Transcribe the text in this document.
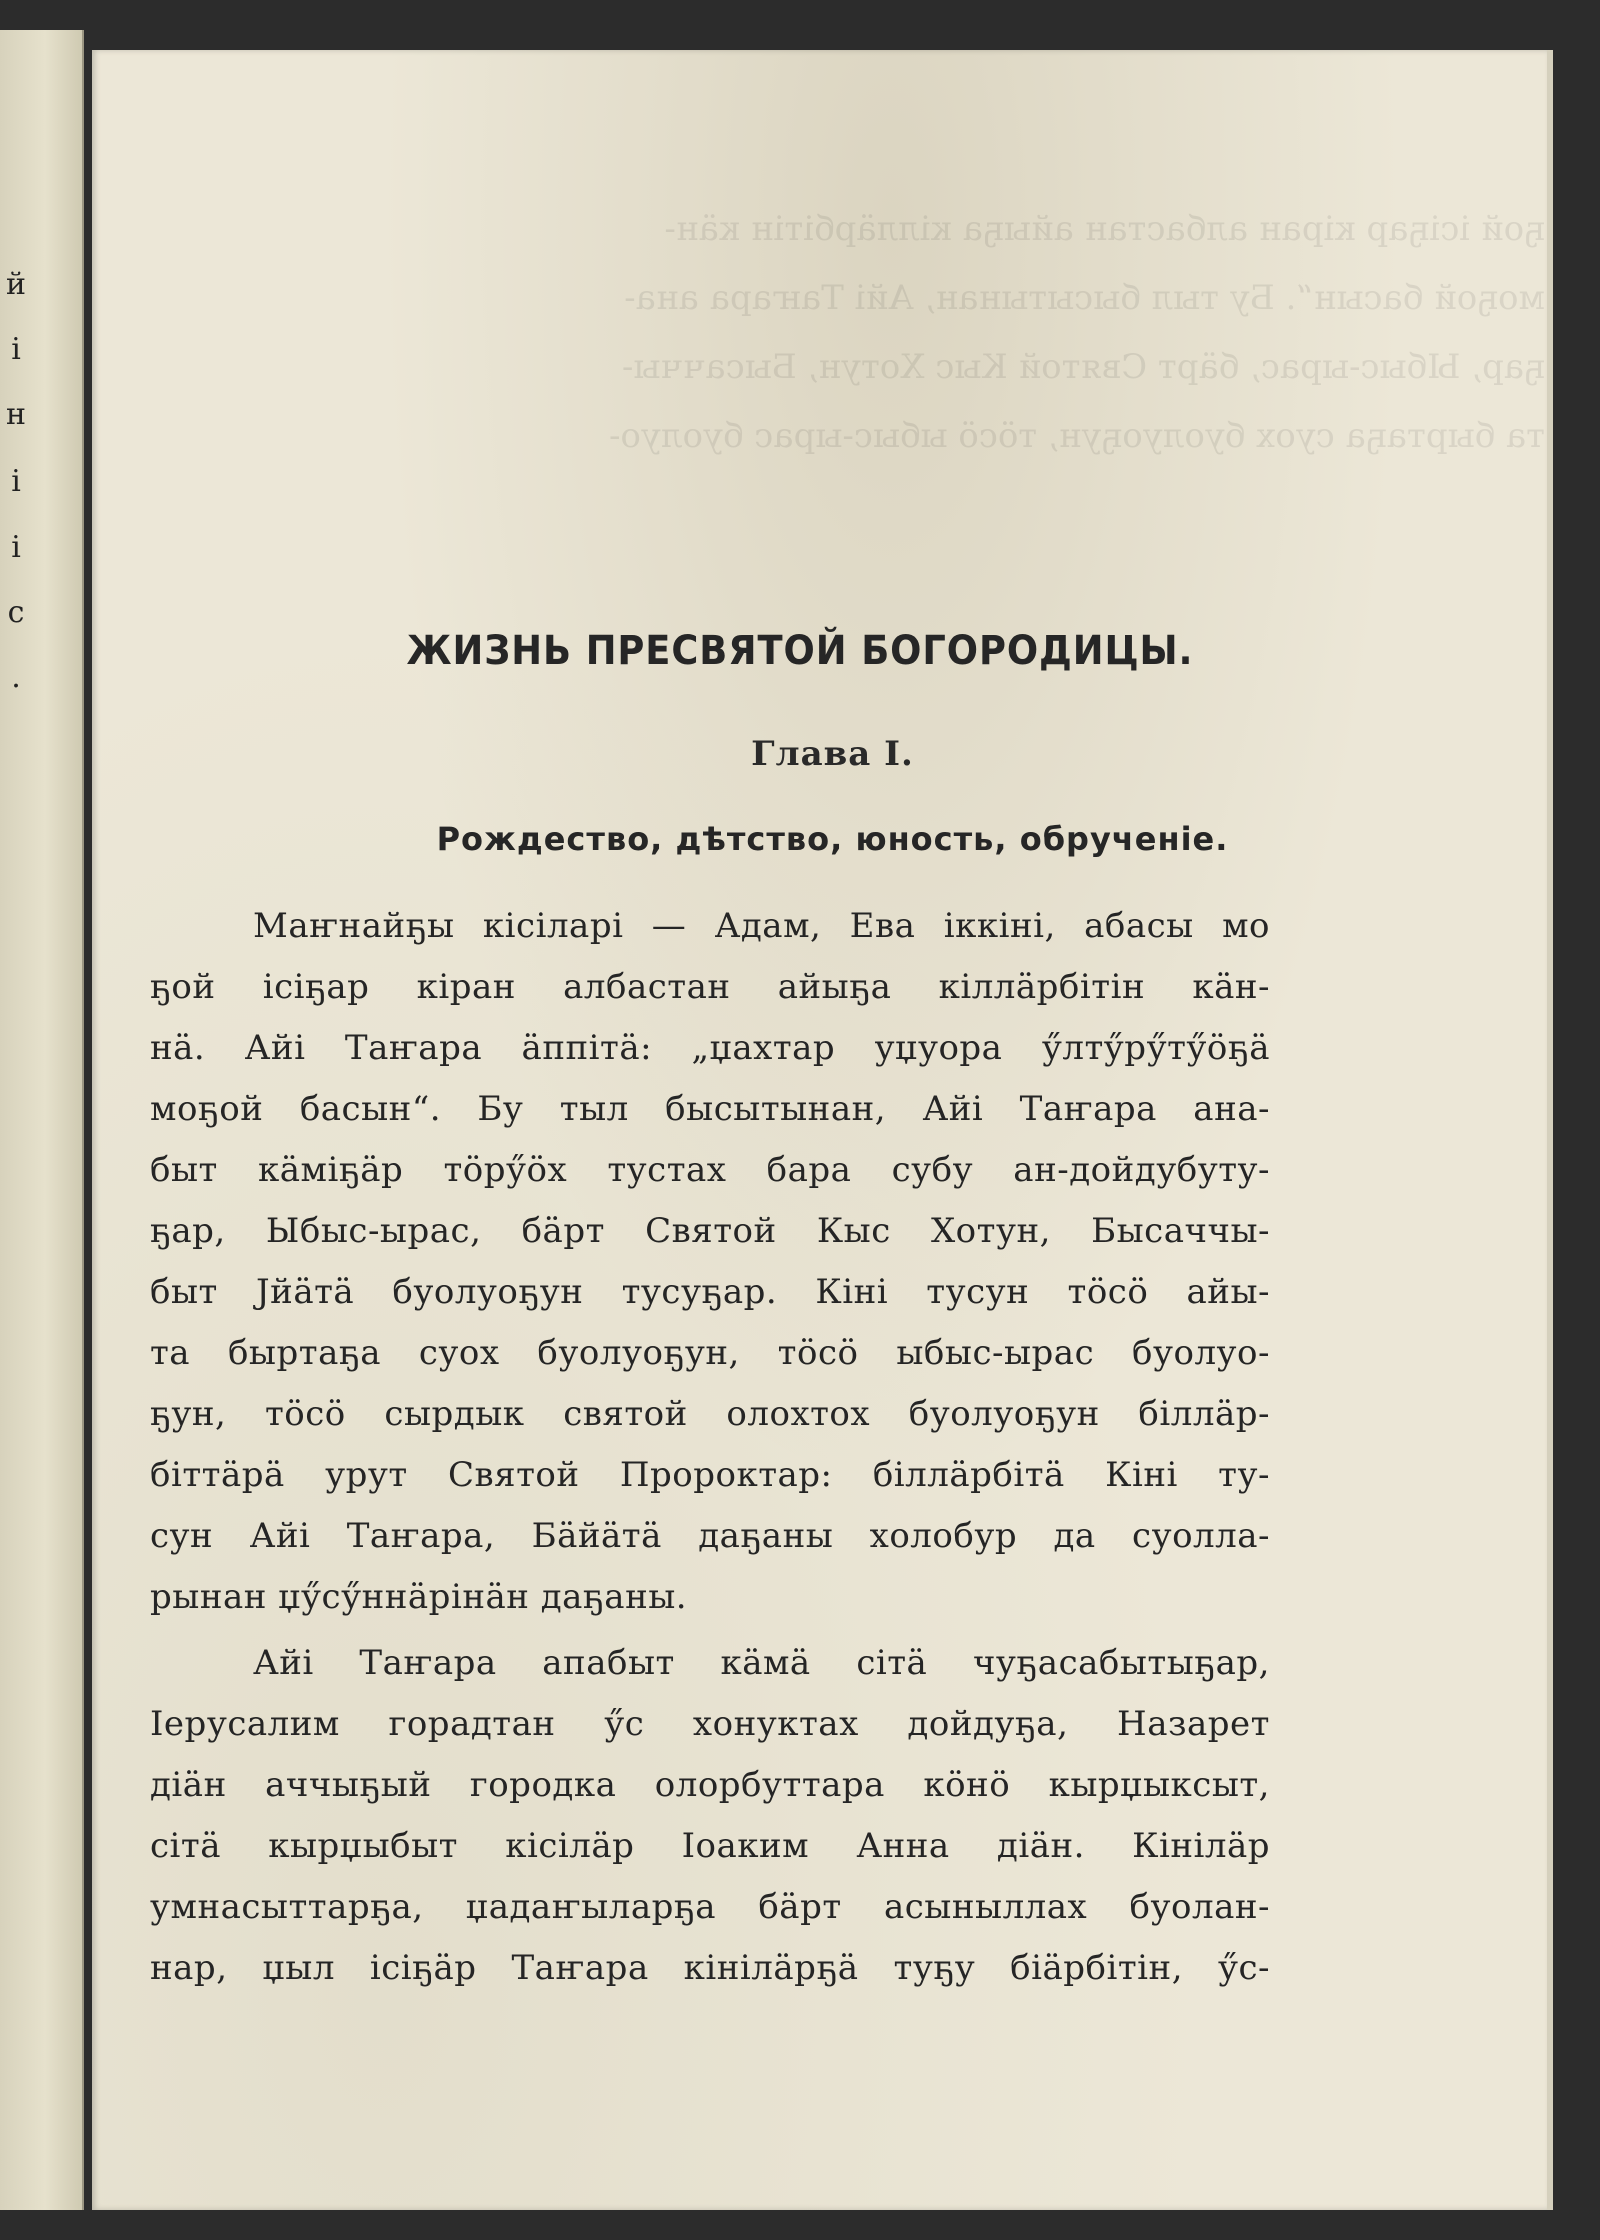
й
і
н
і
і
с
.
ҕой ісіҕар кіран албастан айыҕа кіллäрбітін кäн-
моҕой басын“. Бу тыл бысытынан, Айі Таҥара ана-
ҕар, Ыбыс-ырас, бäрт Святой Кыс Хотун, Бысаччы-
та быртаҕа суох буолуоҕун, тöсö ыбыс-ырас буолуо-
ЖИЗНЬ ПРЕСВЯТОЙ БОГОРОДИЦЫ.
Глава I.
Рождество, дѣтство, юность, обрученіе.
Маҥнайҕы кісіларі — Адам, Ева іккіні, абасы мо
ҕой ісіҕар кіран албастан айыҕа кіллäрбітін кäн-
нä. Айі Таҥара äппітä: „џахтар уџуора ӳлтӳрӳтӳöҕä
моҕой басын“. Бу тыл бысытынан, Айі Таҥара ана-
быт кäміҕäр тöрӳöх тустах бара субу ан-дойдубуту-
ҕар, Ыбыс-ырас, бäрт Святой Кыс Хотун, Бысаччы-
быт Jйäтä буолуоҕун тусуҕар. Кіні тусун тöсö айы-
та быртаҕа суох буолуоҕун, тöсö ыбыс-ырас буолуо-
ҕун, тöсö сырдык святой олохтох буолуоҕун біллäр-
біттäрä урут Святой Пророктар: біллäрбітä Кіні ту-
сун Айі Таҥара, Бäйäтä даҕаны холобур да суолла-
рынан џӳсӳннäрінäн даҕаны.
Айі Таҥара апабыт кäмä сітä чуҕасабытыҕар,
Іерусалим горадтан ӳс хонуктах дойдуҕа, Назарет
діäн аччыҕый городка олорбуттара кöнö кырџыксыт,
сітä кырџыбыт кісілäр Іоаким Анна діäн. Кінілäр
умнасыттарҕа, џадаҥыларҕа бäрт асыныллах буолан-
нар, џыл ісіҕäр Таҥара кінілäрҕä туҕу біäрбітін, ӳс-
